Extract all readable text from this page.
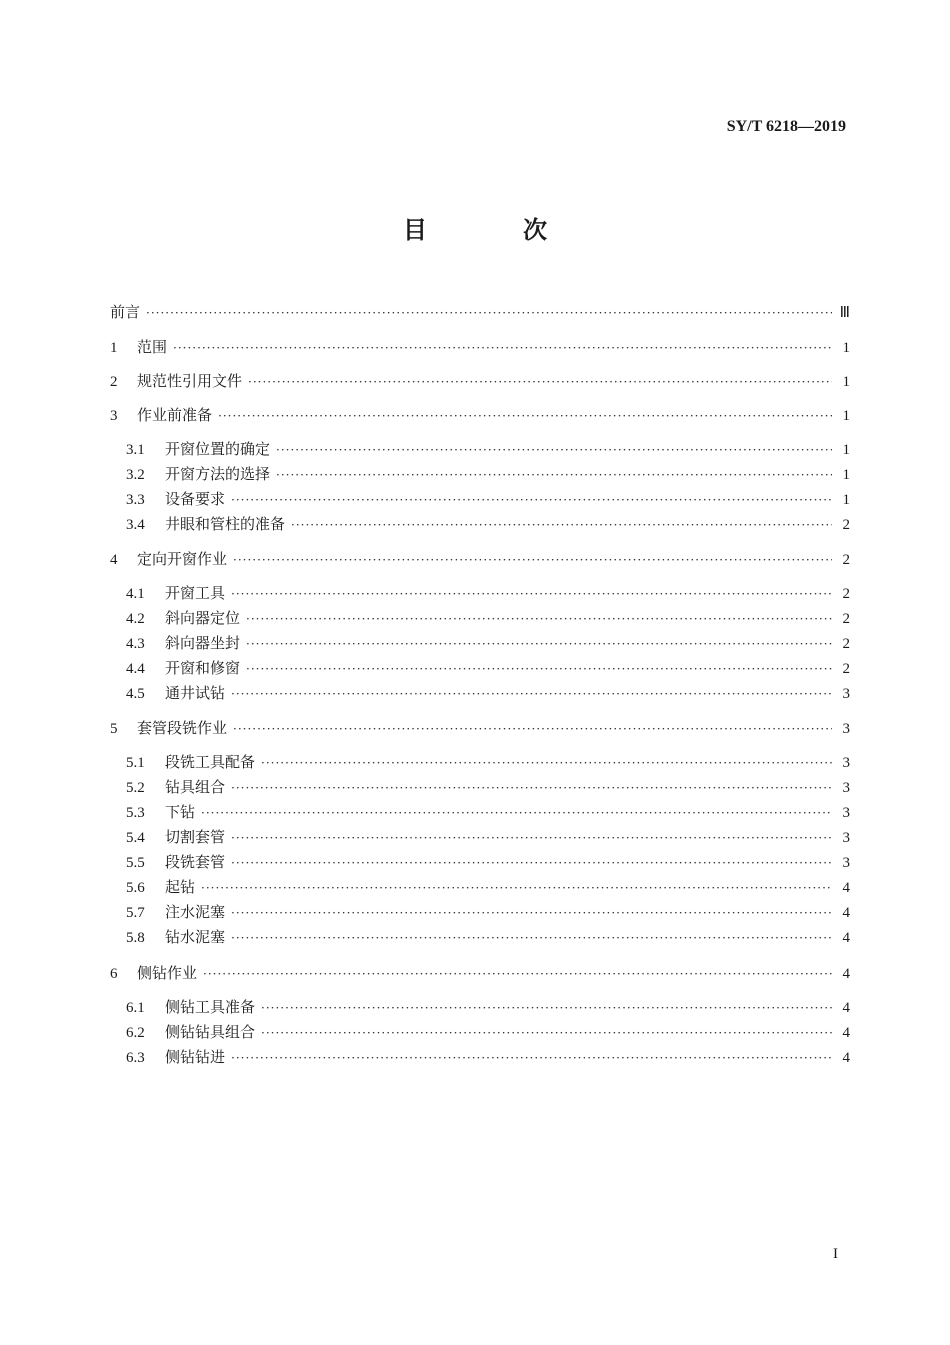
SY/T 6218—2019
目　次
前言 ·····	Ⅲ
1	范围 ·····	1
2	规范性引用文件 ·····	1
3	作业前准备 ·····	1
3.1	开窗位置的确定 ·····	1
3.2	开窗方法的选择 ·····	1
3.3	设备要求 ·····	1
3.4	井眼和管柱的准备 ·····	2
4	定向开窗作业 ·····	2
4.1	开窗工具 ·····	2
4.2	斜向器定位 ·····	2
4.3	斜向器坐封 ·····	2
4.4	开窗和修窗 ·····	2
4.5	通井试钻 ·····	3
5	套管段铣作业 ·····	3
5.1	段铣工具配备 ·····	3
5.2	钻具组合 ·····	3
5.3	下钻 ·····	3
5.4	切割套管 ·····	3
5.5	段铣套管 ·····	3
5.6	起钻 ·····	4
5.7	注水泥塞 ·····	4
5.8	钻水泥塞 ·····	4
6	侧钻作业 ·····	4
6.1	侧钻工具准备 ·····	4
6.2	侧钻钻具组合 ·····	4
6.3	侧钻钻进 ·····	4
I
